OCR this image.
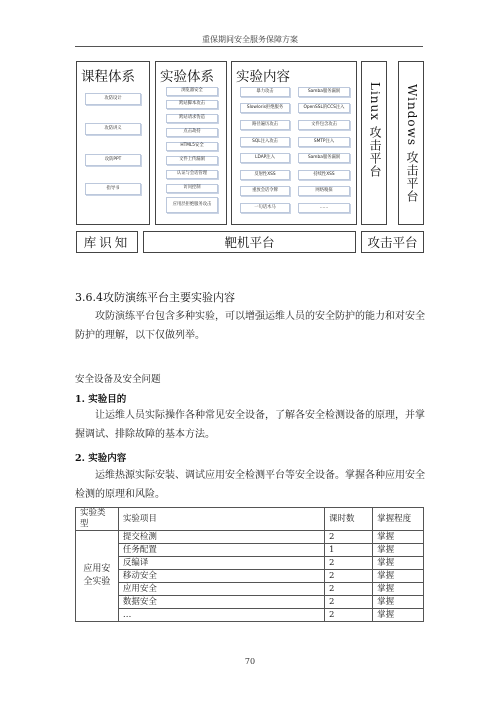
重保期间安全服务保障方案
课程体系
攻防设计
攻防讲义
攻防PPT
指导书
实验体系
浏览器安全
跨站脚本攻击
跨站请求伪造
点击劫持
HTML5安全
文件上传漏洞
认证与会话管理
访问控制
应用层拒绝服务攻击
实验内容
暴力攻击
Slowloris拒绝服务
路径遍历攻击
SQL注入攻击
LDAP注入
反射性XSS
重放会话令牌
一句话木马
Samba服务漏洞
OpenSSL的CCS注入
文件包含攻击
SMTP注入
Samba服务漏洞
持续性XSS
网络嗅探
……
Linux 攻击平台 Windows 攻击平台
库识知	靶机平台	攻击平台
3.6.4攻防演练平台主要实验内容
攻防演练平台包含多种实验，可以增强运维人员的安全防护的能力和对安全防护的理解，以下仅做列举。
安全设备及安全问题
1. 实验目的
让运维人员实际操作各种常见安全设备，了解各安全检测设备的原理，并掌握调试、排除故障的基本方法。
2. 实验内容
运维热源实际安装、调试应用安全检测平台等安全设备。掌握各种应用安全检测的原理和风险。
实验类型	实验项目	课时数	掌握程度
应用安全实验	提交检测	2	掌握
	任务配置	1	掌握
	反编译	2	掌握
	移动安全	2	掌握
	应用安全	2	掌握
	数据安全	2	掌握
	…	2	掌握
70
